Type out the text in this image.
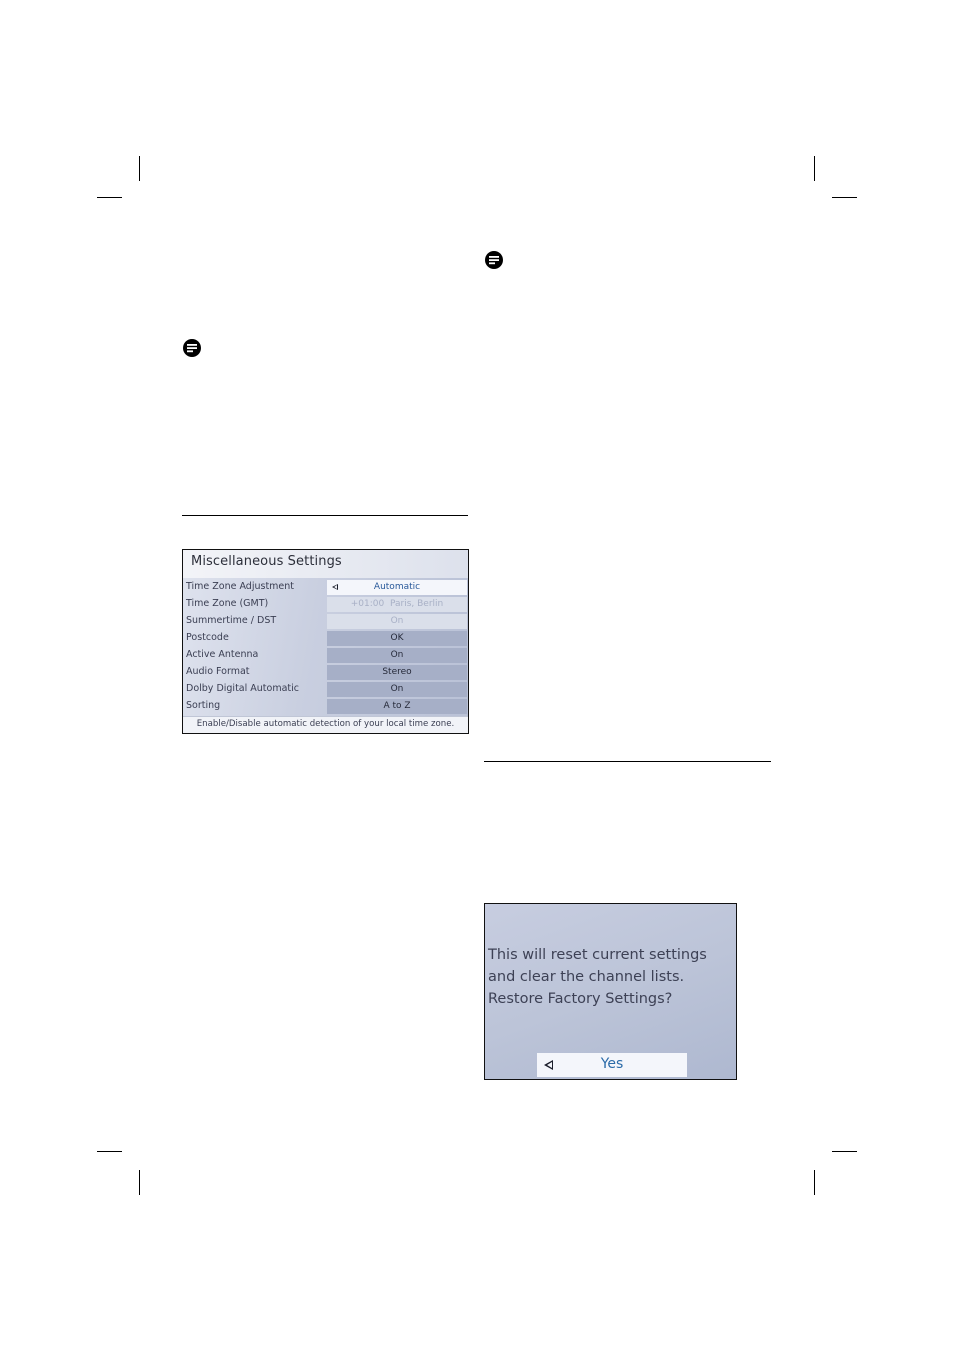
Miscellaneous Settings
Time Zone Adjustment	Automatic
Time Zone (GMT)	+01:00  Paris, Berlin
Summertime / DST	On
Postcode	OK
Active Antenna	On
Audio Format	Stereo
Dolby Digital Automatic	On
Sorting	A to Z
Enable/Disable automatic detection of your local time zone.
This will reset current settings
and clear the channel lists.
Restore Factory Settings?
Yes
